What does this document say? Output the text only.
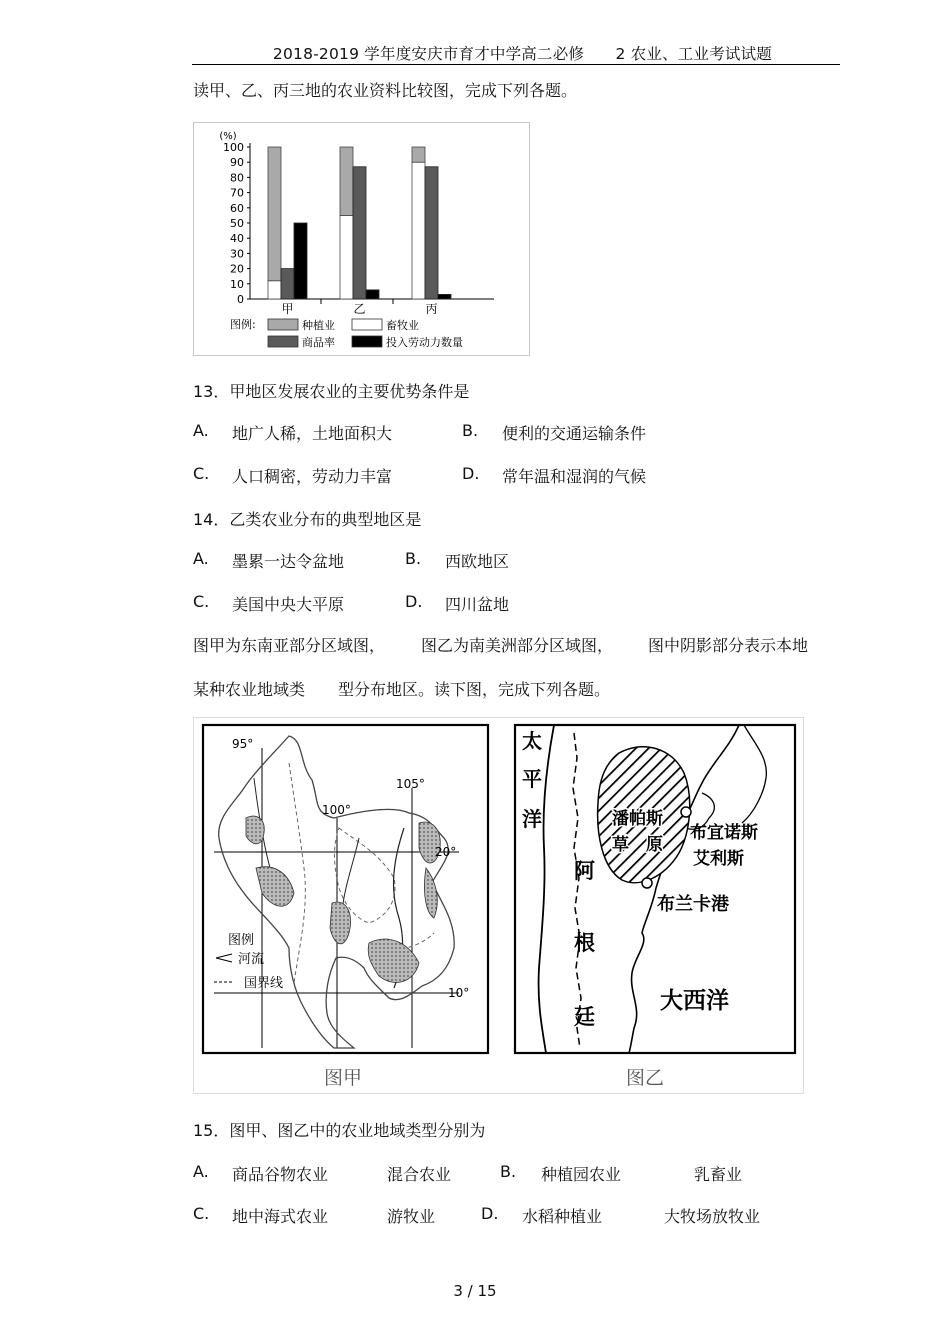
2018-2019 学年度安庆市育才中学高二必修　　2 农业、工业考试试题
读甲、乙、丙三地的农业资料比较图，完成下列各题。
(%)
0
10
20
30
40
50
60
70
80
90
100
甲	乙	丙
图例:	种植业	畜牧业
商品率	投入劳动力数量
13．甲地区发展农业的主要优势条件是
A. 地广人稀，土地面积大	B. 便利的交通运输条件
C. 人口稠密，劳动力丰富	D. 常年温和湿润的气候
14．乙类农业分布的典型地区是
A. 墨累一达令盆地	B. 西欧地区
C. 美国中央大平原	D. 四川盆地
图甲为东南亚部分区域图， 图乙为南美洲部分区域图， 图中阴影部分表示本地
某种农业地域类 型分布地区。读下图，完成下列各题。
95°
100°
105°
20°
10°
图例
河流
国界线
图甲
太
平
洋	潘帕斯
草　原
布宜诺斯
艾利斯
布兰卡港
阿
根
廷
大西洋
图乙
15．图甲、图乙中的农业地域类型分别为
A. 商品谷物农业	混合农业	B. 种植园农业	乳畜业
C. 地中海式农业	游牧业	D. 水稻种植业	大牧场放牧业
3 / 15
